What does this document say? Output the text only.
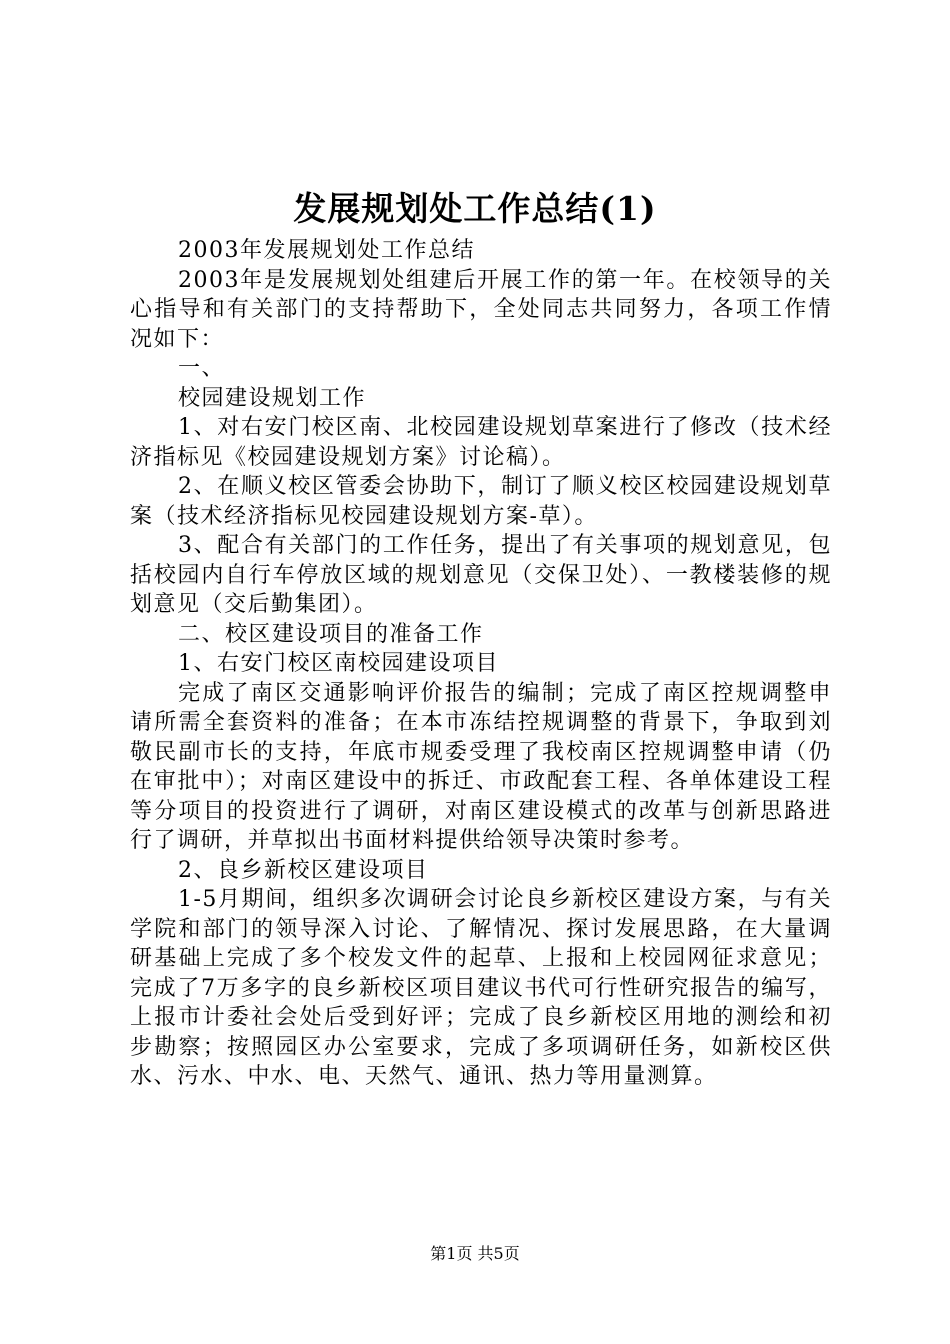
发展规划处工作总结(1)

2003年发展规划处工作总结

2003年是发展规划处组建后开展工作的第一年。在校领导的关心指导和有关部门的支持帮助下，全处同志共同努力，各项工作情况如下：

一、

校园建设规划工作

1、对右安门校区南、北校园建设规划草案进行了修改（技术经济指标见《校园建设规划方案》讨论稿）。

2、在顺义校区管委会协助下，制订了顺义校区校园建设规划草案（技术经济指标见校园建设规划方案-草）。

3、配合有关部门的工作任务，提出了有关事项的规划意见，包括校园内自行车停放区域的规划意见（交保卫处）、一教楼装修的规划意见（交后勤集团）。

二、校区建设项目的准备工作

1、右安门校区南校园建设项目

完成了南区交通影响评价报告的编制；完成了南区控规调整申请所需全套资料的准备；在本市冻结控规调整的背景下，争取到刘敬民副市长的支持，年底市规委受理了我校南区控规调整申请（仍在审批中）；对南区建设中的拆迁、市政配套工程、各单体建设工程等分项目的投资进行了调研，对南区建设模式的改革与创新思路进行了调研，并草拟出书面材料提供给领导决策时参考。

2、良乡新校区建设项目

1-5月期间，组织多次调研会讨论良乡新校区建设方案，与有关学院和部门的领导深入讨论、了解情况、探讨发展思路，在大量调研基础上完成了多个校发文件的起草、上报和上校园网征求意见；完成了7万多字的良乡新校区项目建议书代可行性研究报告的编写，上报市计委社会处后受到好评；完成了良乡新校区用地的测绘和初步勘察；按照园区办公室要求，完成了多项调研任务，如新校区供水、污水、中水、电、天然气、通讯、热力等用量测算。

第1页 共5页
